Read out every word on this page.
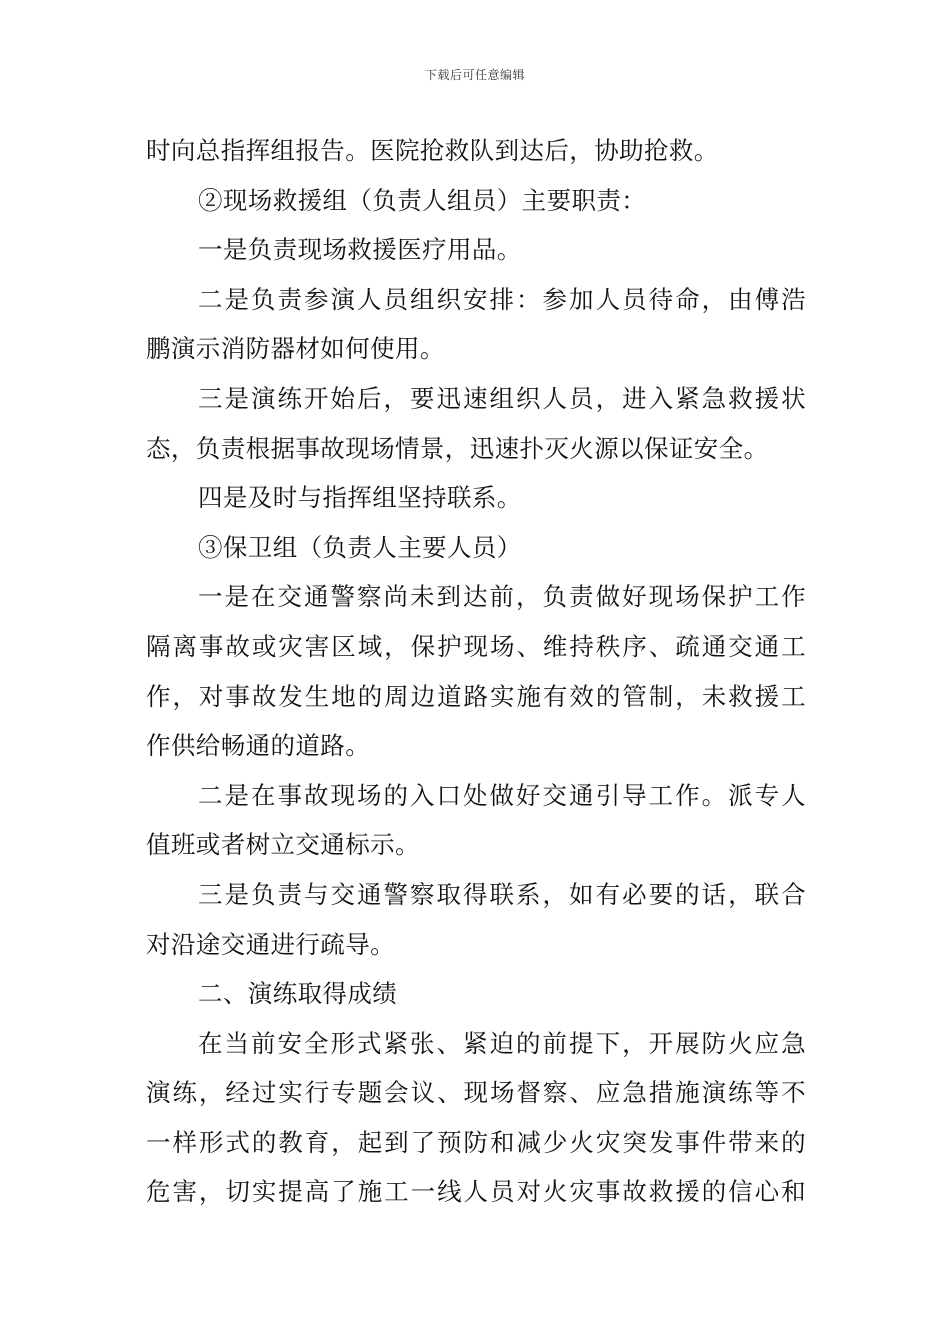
下载后可任意编辑
时向总指挥组报告。医院抢救队到达后，协助抢救。
②现场救援组（负责人组员）主要职责：
一是负责现场救援医疗用品。
二是负责参演人员组织安排：参加人员待命，由傅浩
鹏演示消防器材如何使用。
三是演练开始后，要迅速组织人员，进入紧急救援状
态，负责根据事故现场情景，迅速扑灭火源以保证安全。
四是及时与指挥组坚持联系。
③保卫组（负责人主要人员）
一是在交通警察尚未到达前，负责做好现场保护工作
隔离事故或灾害区域，保护现场、维持秩序、疏通交通工
作，对事故发生地的周边道路实施有效的管制，未救援工
作供给畅通的道路。
二是在事故现场的入口处做好交通引导工作。派专人
值班或者树立交通标示。
三是负责与交通警察取得联系，如有必要的话，联合
对沿途交通进行疏导。
二、演练取得成绩
在当前安全形式紧张、紧迫的前提下，开展防火应急
演练，经过实行专题会议、现场督察、应急措施演练等不
一样形式的教育，起到了预防和减少火灾突发事件带来的
危害，切实提高了施工一线人员对火灾事故救援的信心和
